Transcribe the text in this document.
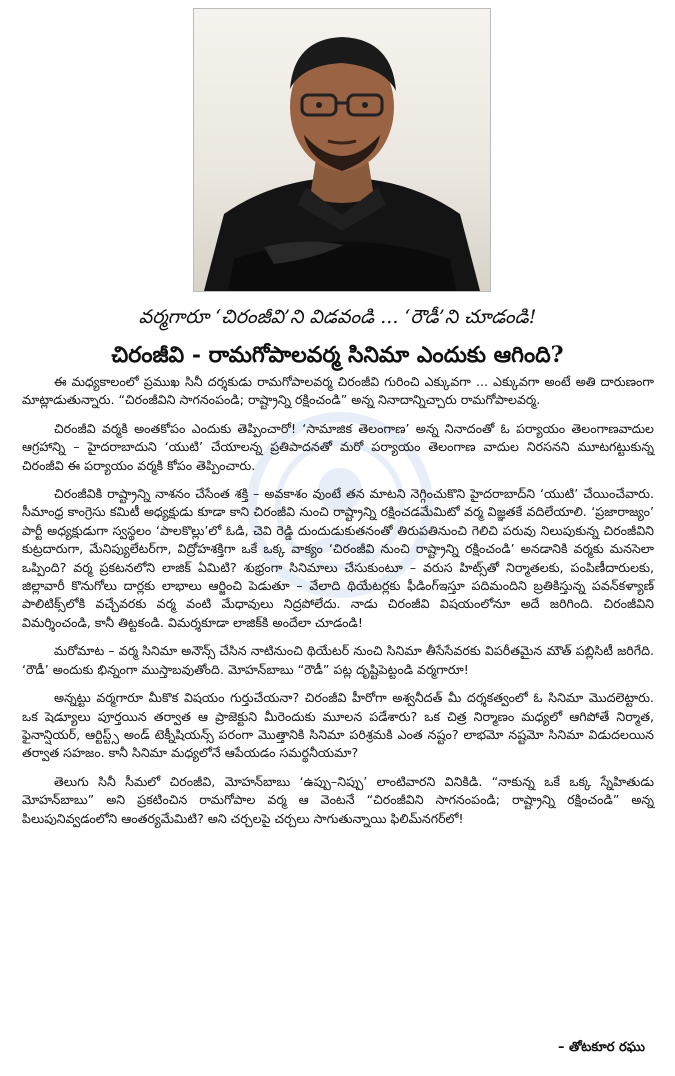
వర్మగారూ ‘చిరంజీవి’ని విడవండి ... ‘రౌడీ’ని చూడండి!
చిరంజీవి - రామగోపాలవర్మ సినిమా ఎందుకు ఆగింది?

ఈ మధ్యకాలంలో ప్రముఖ సినీ దర్శకుడు రామగోపాలవర్మ చిరంజీవి గురించి ఎక్కువగా ... ఎక్కువగా అంటే అతి దారుణంగా మాట్లాడుతున్నారు. “చిరంజీవిని సాగనంపండి; రాష్ట్రాన్ని రక్షించండి” అన్న నినాదాన్నిచ్చారు రామగోపాలవర్మ.

చిరంజీవి వర్మకి అంతకోపం ఎందుకు తెప్పించారో! ‘సామాజిక తెలంగాణ’ అన్న నినాదంతో ఓ పర్యాయం తెలంగాణవాదుల ఆగ్రహాన్ని – హైదరాబాదుని ‘యుటి’ చేయాలన్న ప్రతిపాదనతో మరో పర్యాయం తెలంగాణ వాదుల నిరసనని మూటగట్టుకున్న చిరంజీవి ఈ పర్యాయం వర్మకి కోపం తెప్పించారు.

చిరంజీవికి రాష్ట్రాన్ని నాశనం చేసేంత శక్తి – అవకాశం వుంటే తన మాటని నెగ్గించుకొని హైదరాబాద్‌ని ‘యుటి’ చేయించేవారు. సీమాంధ్ర కాంగ్రెసు కమిటీ అధ్యక్షుడు కూడా కాని చిరంజీవి నుంచి రాష్ట్రాన్ని రక్షించడమేమిటో వర్మ విజ్ఞతకే వదిలేయాలి. ‘ప్రజారాజ్యం’ పార్టీ అధ్యక్షుడుగా స్వస్థలం ‘పాలకొల్లు’లో ఓడి, చెవి రెడ్డి దుందుడుకుతనంతో తిరుపతినుంచి గెలిచి పరువు నిలుపుకున్న చిరంజీవిని కుట్రదారుగా, మేనిప్యులేటర్‌గా, విద్రోహశక్తిగా ఒకే ఒక్క వాక్యం ‘చిరంజీవి నుంచి రాష్ట్రాన్ని రక్షించండి’ అనడానికి వర్మకు మనసెలా ఒప్పింది? వర్మ ప్రకటనలోని లాజిక్ ఏమిటి? శుభ్రంగా సినిమాలు చేసుకుంటూ – వరుస హిట్స్‌తో నిర్మాతలకు, పంపిణీదారులకు, జిల్లావారీ కొనుగోలు దార్లకు లాభాలు ఆర్జించి పెడుతూ – వేలాది థియేటర్లకు ఫీడింగ్‌ఇస్తూ పదిమందిని బ్రతికిస్తున్న పవన్‌కళ్యాణ్ పాలిటిక్స్‌లోకి వచ్చేవరకు వర్మ వంటి మేధావులు నిద్రపోలేదు. నాడు చిరంజీవి విషయంలోనూ అదే జరిగింది. చిరంజీవిని విమర్శించండి, కానీ తిట్టకండి. విమర్శకూడా లాజిక్‌కి అందేలా చూడండి!

మరోమాట – వర్మ సినిమా అనౌన్స్ చేసిన నాటినుంచి థియేటర్ నుంచి సినిమా తీసేసేవరకు విపరీతమైన మౌత్ పబ్లిసిటీ జరిగేది. ‘రౌడీ’ అందుకు భిన్నంగా ముస్తాబవుతోంది. మోహన్‌బాబు “రౌడీ” పట్ల దృష్టిపెట్టండి వర్మగారూ!

అన్నట్టు వర్మగారూ మీకొక విషయం గుర్తుచేయనా? చిరంజీవి హీరోగా అశ్వనీదత్ మీ దర్శకత్వంలో ఓ సినిమా మొదలెట్టారు. ఒక షెడ్యూలు పూర్తయిన తర్వాత ఆ ప్రాజెక్టుని మీరెందుకు మూలన పడేశారు? ఒక చిత్ర నిర్మాణం మధ్యలో ఆగిపోతే నిర్మాత, ఫైనాన్షియర్, ఆర్టిస్ట్స్ అండ్ టెక్నీషియన్స్ పరంగా మొత్తానికి సినిమా పరిశ్రమకి ఎంత నష్టం? లాభమో నష్టమో సినిమా విడుదలయిన తర్వాత సహజం. కానీ సినిమా మధ్యలోనే ఆపేయడం సమర్థనీయమా?

తెలుగు సినీ సీమలో చిరంజీవి, మోహన్‌బాబు ‘ఉప్పు–నిప్పు’ లాంటివారని వినికిడి. “నాకున్న ఒకే ఒక్క స్నేహితుడు మోహన్‌బాబు” అని ప్రకటించిన రామగోపాల వర్మ ఆ వెంటనే “చిరంజీవిని సాగనంపండి; రాష్ట్రాన్ని రక్షించండి” అన్న పిలుపునివ్వడంలోని ఆంతర్యమేమిటి? అని చర్చలపై చర్చలు సాగుతున్నాయి ఫిలిమ్‌నగర్‌లో!

– తోటకూర రఘు
